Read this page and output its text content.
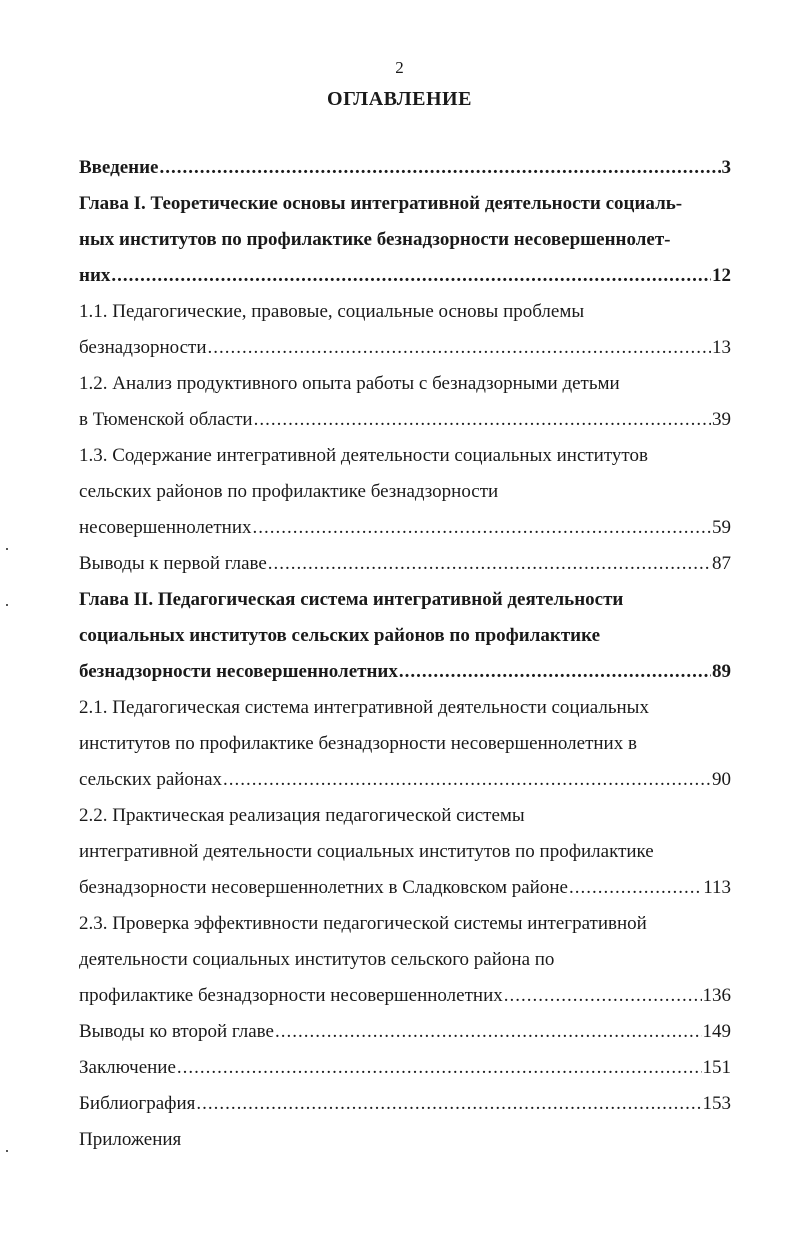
2
ОГЛАВЛЕНИЕ
Введение .....	3
Глава I. Теоретические основы интегративной деятельности социаль-
ных институтов по профилактике безнадзорности несовершеннолет-
них .....	12
1.1. Педагогические, правовые, социальные основы проблемы
безнадзорности .....	13
1.2. Анализ продуктивного опыта работы с безнадзорными детьми
в Тюменской области .....	39
1.3. Содержание интегративной деятельности социальных институтов
сельских районов по профилактике безнадзорности
несовершеннолетних .....	59
Выводы к первой главе .....	87
Глава II. Педагогическая система интегративной деятельности
социальных институтов сельских районов по профилактике
безнадзорности несовершеннолетних .....	89
2.1. Педагогическая система интегративной деятельности социальных
институтов по профилактике безнадзорности несовершеннолетних в
сельских районах .....	90
2.2. Практическая реализация педагогической системы
интегративной деятельности социальных институтов по профилактике
безнадзорности несовершеннолетних в Сладковском районе .....	113
2.3. Проверка эффективности педагогической системы интегративной
деятельности социальных институтов сельского района по
профилактике безнадзорности несовершеннолетних .....	136
Выводы ко второй главе .....	149
Заключение .....	151
Библиография .....	153
Приложения
